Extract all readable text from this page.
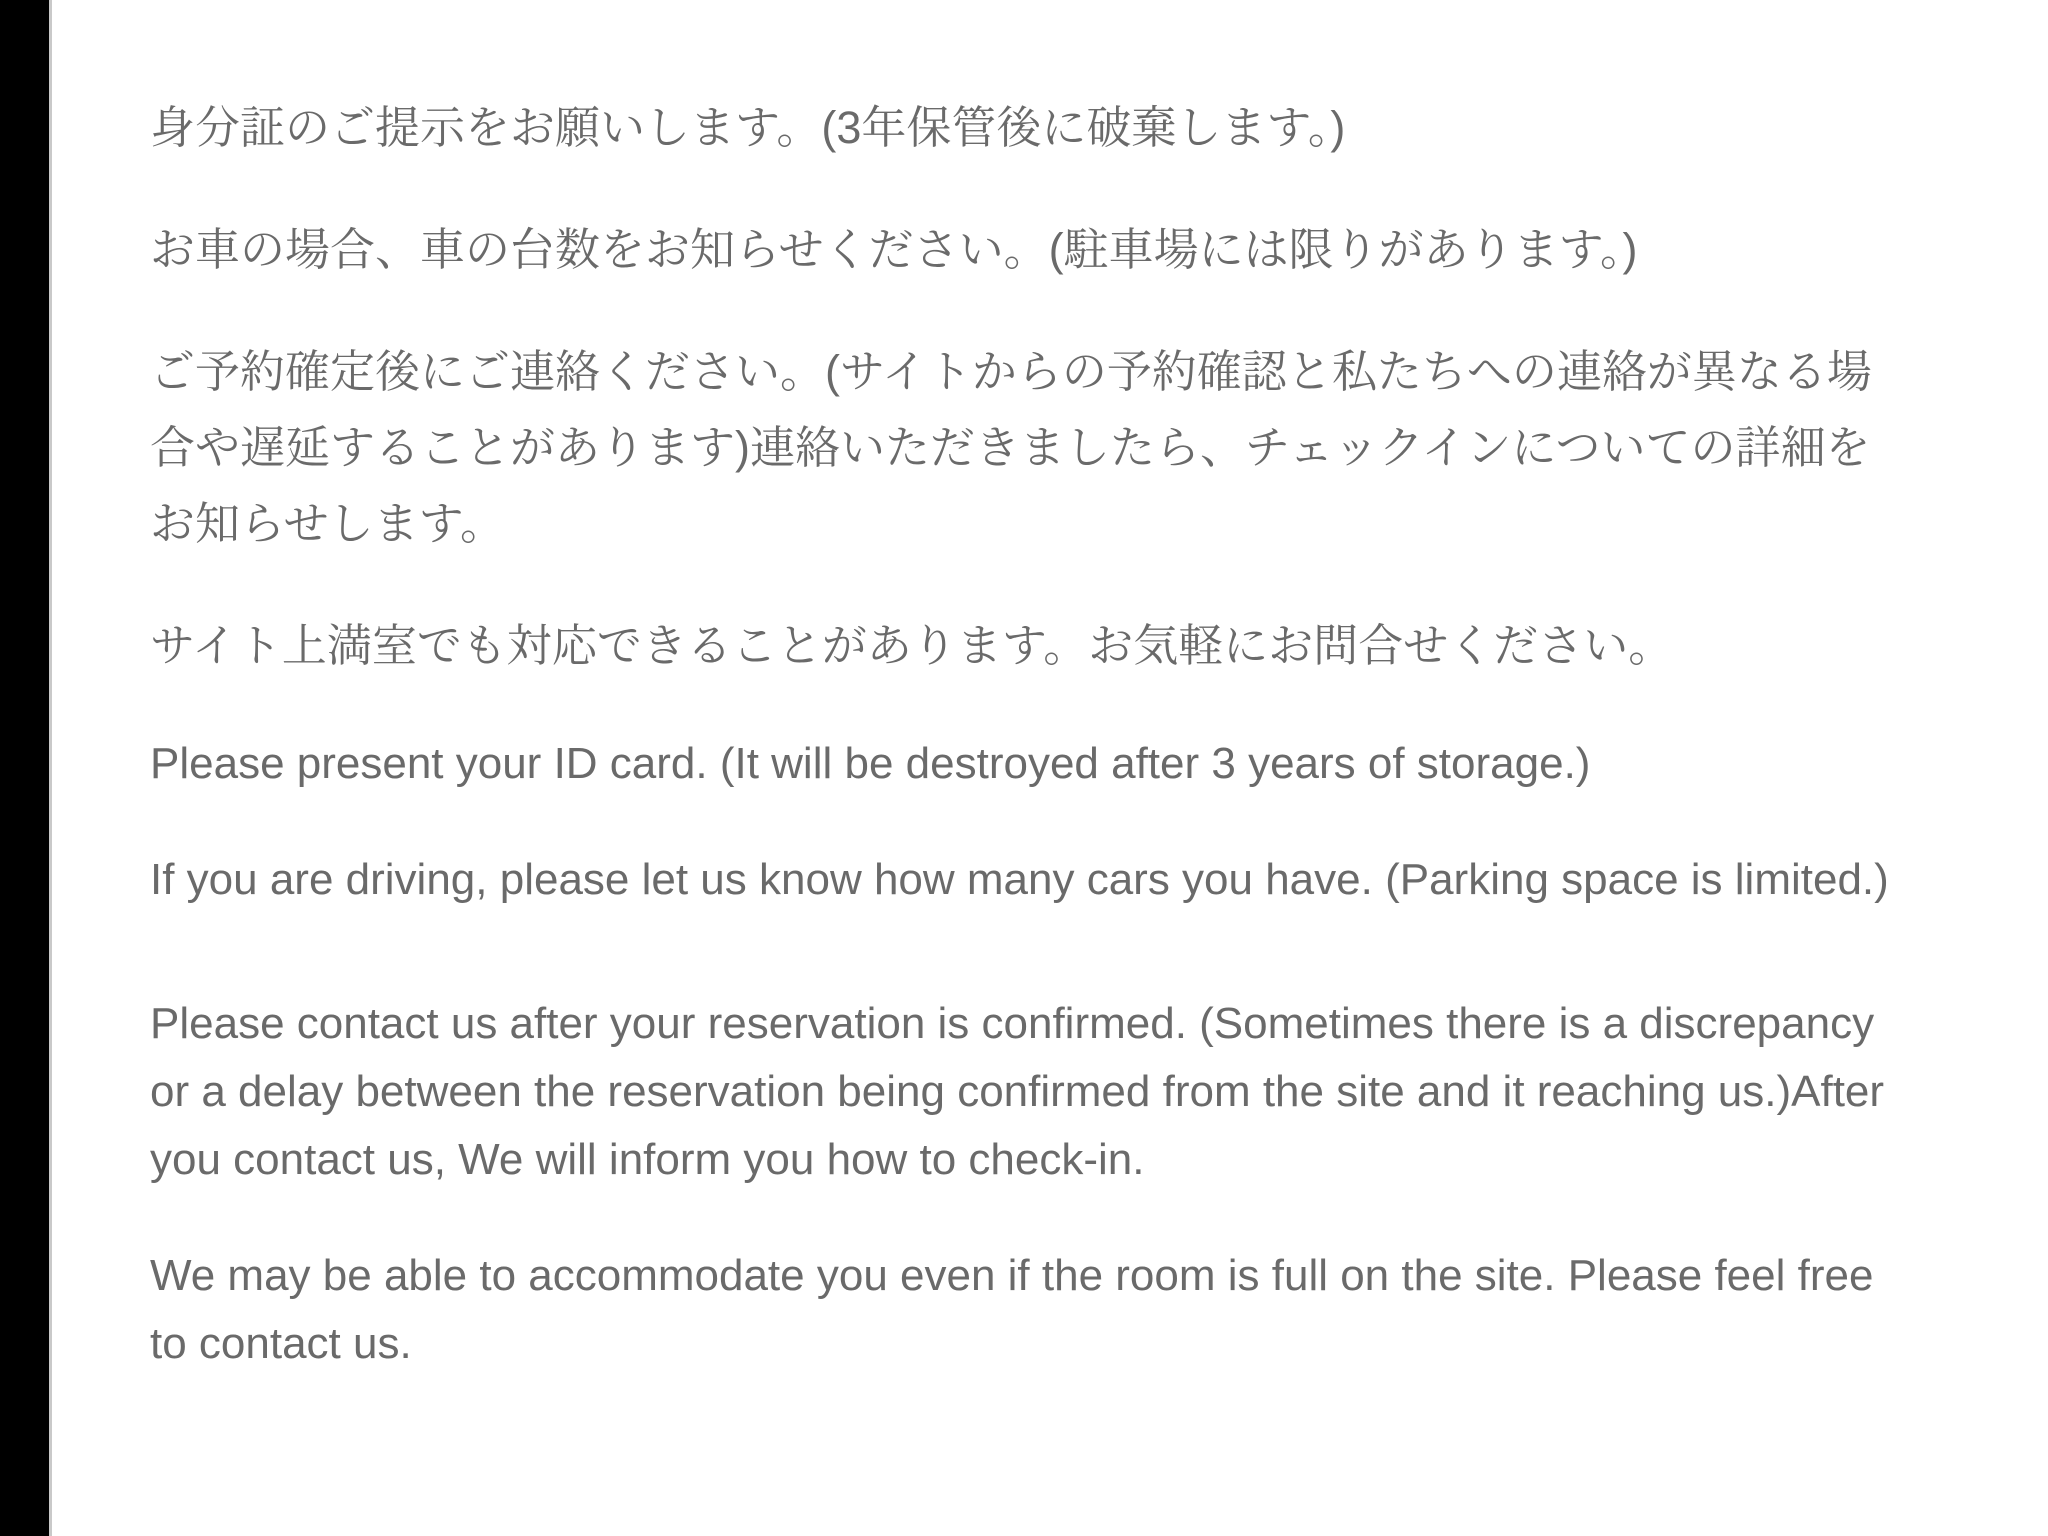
身分証のご提示をお願いします。(3年保管後に破棄します。)

お車の場合、車の台数をお知らせください。(駐車場には限りがあります。)

ご予約確定後にご連絡ください。(サイトからの予約確認と私たちへの連絡が異なる場合や遅延することがあります)連絡いただきましたら、チェックインについての詳細をお知らせします。

サイト上満室でも対応できることがあります。お気軽にお問合せください。

Please present your ID card. (It will be destroyed after 3 years of storage.)

If you are driving, please let us know how many cars you have. (Parking space is limited.)

Please contact us after your reservation is confirmed. (Sometimes there is a discrepancy or a delay between the reservation being confirmed from the site and it reaching us.)After you contact us, We will inform you how to check-in.

We may be able to accommodate you even if the room is full on the site. Please feel free to contact us.
